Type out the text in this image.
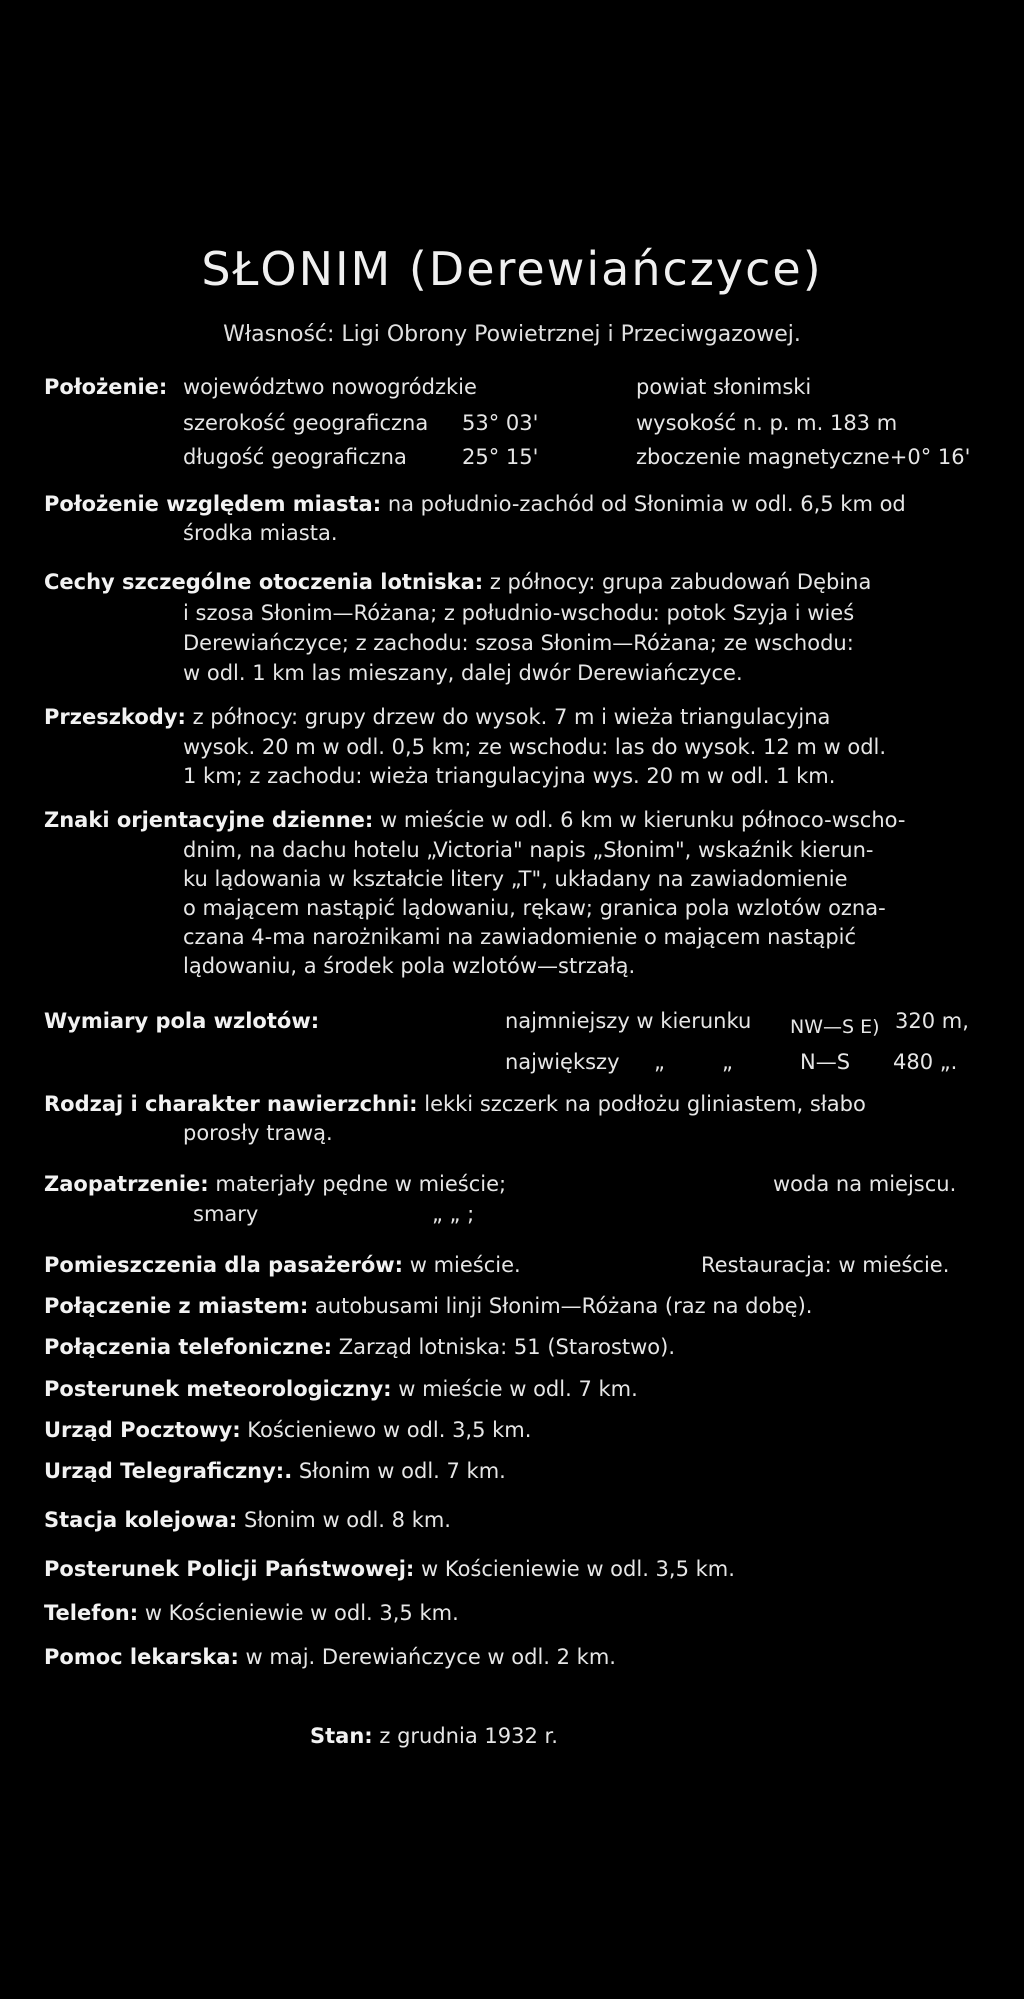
SŁONIM (Derewiańczyce)
Własność: Ligi Obrony Powietrznej i Przeciwgazowej.
Położenie: województwo nowogródzkie	powiat słonimski
szerokość geograficzna 53° 03'	wysokość n. p. m. 183 m
długość geograficzna	25° 15'	zboczenie magnetyczne+0° 16'
Położenie względem miasta: na południo-zachód od Słonimia w odl. 6,5 km od
środka miasta.
Cechy szczególne otoczenia lotniska: z północy: grupa zabudowań Dębina
i szosa Słonim—Różana; z południo-wschodu: potok Szyja i wieś
Derewiańczyce; z zachodu: szosa Słonim—Różana; ze wschodu:
w odl. 1 km las mieszany, dalej dwór Derewiańczyce.
Przeszkody: z północy: grupy drzew do wysok. 7 m i wieża triangulacyjna
wysok. 20 m w odl. 0,5 km; ze wschodu: las do wysok. 12 m w odl.
1 km; z zachodu: wieża triangulacyjna wys. 20 m w odl. 1 km.
Znaki orjentacyjne dzienne: w mieście w odl. 6 km w kierunku północo-wscho-
dnim, na dachu hotelu „Victoria" napis „Słonim", wskaźnik kierun-
ku lądowania w kształcie litery „T", układany na zawiadomienie
o mającem nastąpić lądowaniu, rękaw; granica pola wzlotów ozna-
czana 4-ma narożnikami na zawiadomienie o mającem nastąpić
lądowaniu, a środek pola wzlotów—strzałą.
Wymiary pola wzlotów:	najmniejszy w kierunku NW—S E) 320 m,
największy „	„	N—S 480 „.
Rodzaj i charakter nawierzchni: lekki szczerk na podłożu gliniastem, słabo
porosły trawą.
Zaopatrzenie: materjały pędne w mieście;	woda na miejscu.
smary	„ „ ;
Pomieszczenia dla pasażerów: w mieście.	Restauracja: w mieście.
Połączenie z miastem: autobusami linji Słonim—Różana (raz na dobę).
Połączenia telefoniczne: Zarząd lotniska: 51 (Starostwo).
Posterunek meteorologiczny: w mieście w odl. 7 km.
Urząd Pocztowy: Kościeniewo w odl. 3,5 km.
Urząd Telegraficzny:. Słonim w odl. 7 km.
Stacja kolejowa: Słonim w odl. 8 km.
Posterunek Policji Państwowej: w Kościeniewie w odl. 3,5 km.
Telefon: w Kościeniewie w odl. 3,5 km.
Pomoc lekarska: w maj. Derewiańczyce w odl. 2 km.
Stan: z grudnia 1932 r.
